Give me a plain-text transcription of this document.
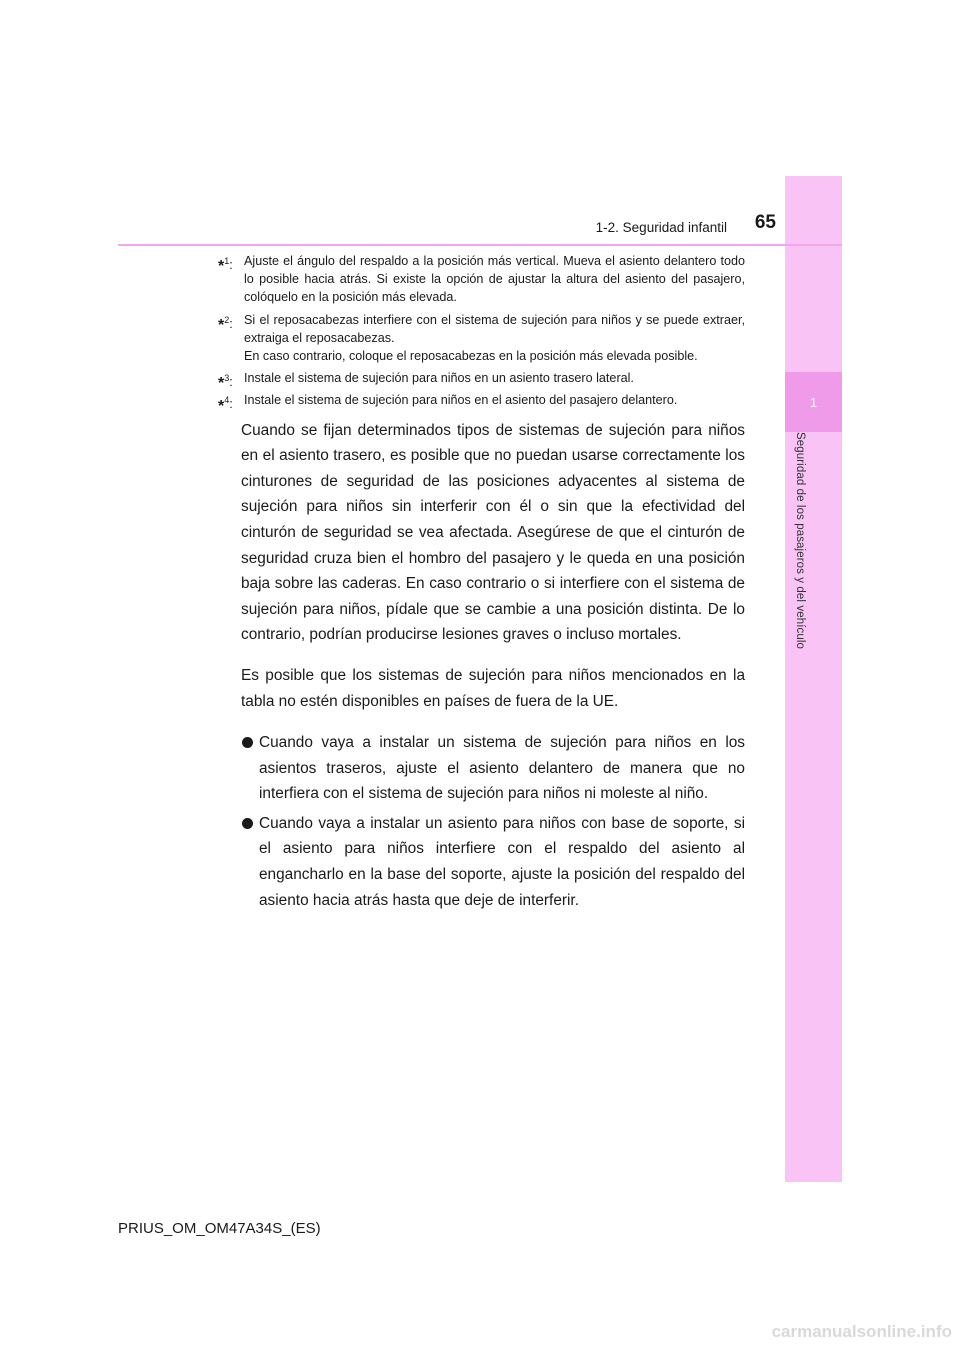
1
Seguridad de los pasajeros y del vehículo
1-2. Seguridad infantil	65
*$^1$: Ajuste el ángulo del respaldo a la posición más vertical. Mueva el asiento delantero todo lo posible hacia atrás. Si existe la opción de ajustar la altura del asiento del pasajero, colóquelo en la posición más elevada.
*$^2$: Si el reposacabezas interfiere con el sistema de sujeción para niños y se puede extraer, extraiga el reposacabezas.
En caso contrario, coloque el reposacabezas en la posición más elevada posible.
*$^3$: Instale el sistema de sujeción para niños en un asiento trasero lateral.
*$^4$: Instale el sistema de sujeción para niños en el asiento del pasajero delantero.

Cuando se fijan determinados tipos de sistemas de sujeción para niños en el asiento trasero, es posible que no puedan usarse correctamente los cinturones de seguridad de las posiciones adyacentes al sistema de sujeción para niños sin interferir con él o sin que la efectividad del cinturón de seguridad se vea afectada. Asegúrese de que el cinturón de seguridad cruza bien el hombro del pasajero y le queda en una posición baja sobre las caderas. En caso contrario o si interfiere con el sistema de sujeción para niños, pídale que se cambie a una posición distinta. De lo contrario, podrían producirse lesiones graves o incluso mortales.

Es posible que los sistemas de sujeción para niños mencionados en la tabla no estén disponibles en países de fuera de la UE.

Cuando vaya a instalar un sistema de sujeción para niños en los asientos traseros, ajuste el asiento delantero de manera que no interfiera con el sistema de sujeción para niños ni moleste al niño.
Cuando vaya a instalar un asiento para niños con base de soporte, si el asiento para niños interfiere con el respaldo del asiento al engancharlo en la base del soporte, ajuste la posición del respaldo del asiento hacia atrás hasta que deje de interferir.
PRIUS_OM_OM47A34S_(ES)
carmanualsonline.info
